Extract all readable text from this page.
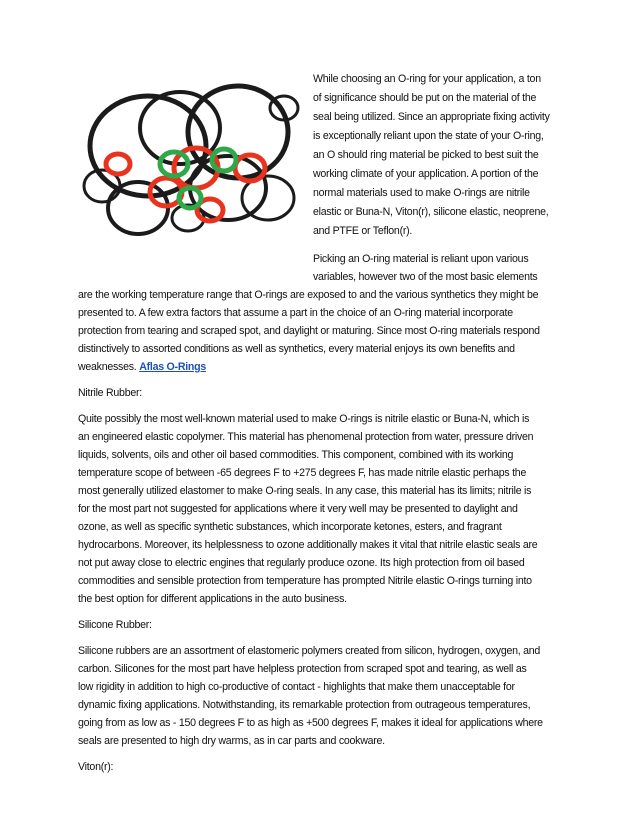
While choosing an O-ring for your application, a ton
of significance should be put on the material of the
seal being utilized. Since an appropriate fixing activity
is exceptionally reliant upon the state of your O-ring,
an O should ring material be picked to best suit the
working climate of your application. A portion of the
normal materials used to make O-rings are nitrile
elastic or Buna-N, Viton(r), silicone elastic, neoprene,
and PTFE or Teflon(r).
Picking an O-ring material is reliant upon various
variables, however two of the most basic elements
are the working temperature range that O-rings are exposed to and the various synthetics they might be
presented to. A few extra factors that assume a part in the choice of an O-ring material incorporate
protection from tearing and scraped spot, and daylight or maturing. Since most O-ring materials respond
distinctively to assorted conditions as well as synthetics, every material enjoys its own benefits and
weaknesses. Aflas O-Rings
Nitrile Rubber:
Quite possibly the most well-known material used to make O-rings is nitrile elastic or Buna-N, which is
an engineered elastic copolymer. This material has phenomenal protection from water, pressure driven
liquids, solvents, oils and other oil based commodities. This component, combined with its working
temperature scope of between -65 degrees F to +275 degrees F, has made nitrile elastic perhaps the
most generally utilized elastomer to make O-ring seals. In any case, this material has its limits; nitrile is
for the most part not suggested for applications where it very well may be presented to daylight and
ozone, as well as specific synthetic substances, which incorporate ketones, esters, and fragrant
hydrocarbons. Moreover, its helplessness to ozone additionally makes it vital that nitrile elastic seals are
not put away close to electric engines that regularly produce ozone. Its high protection from oil based
commodities and sensible protection from temperature has prompted Nitrile elastic O-rings turning into
the best option for different applications in the auto business.
Silicone Rubber:
Silicone rubbers are an assortment of elastomeric polymers created from silicon, hydrogen, oxygen, and
carbon. Silicones for the most part have helpless protection from scraped spot and tearing, as well as
low rigidity in addition to high co-productive of contact - highlights that make them unacceptable for
dynamic fixing applications. Notwithstanding, its remarkable protection from outrageous temperatures,
going from as low as - 150 degrees F to as high as +500 degrees F, makes it ideal for applications where
seals are presented to high dry warms, as in car parts and cookware.
Viton(r):
